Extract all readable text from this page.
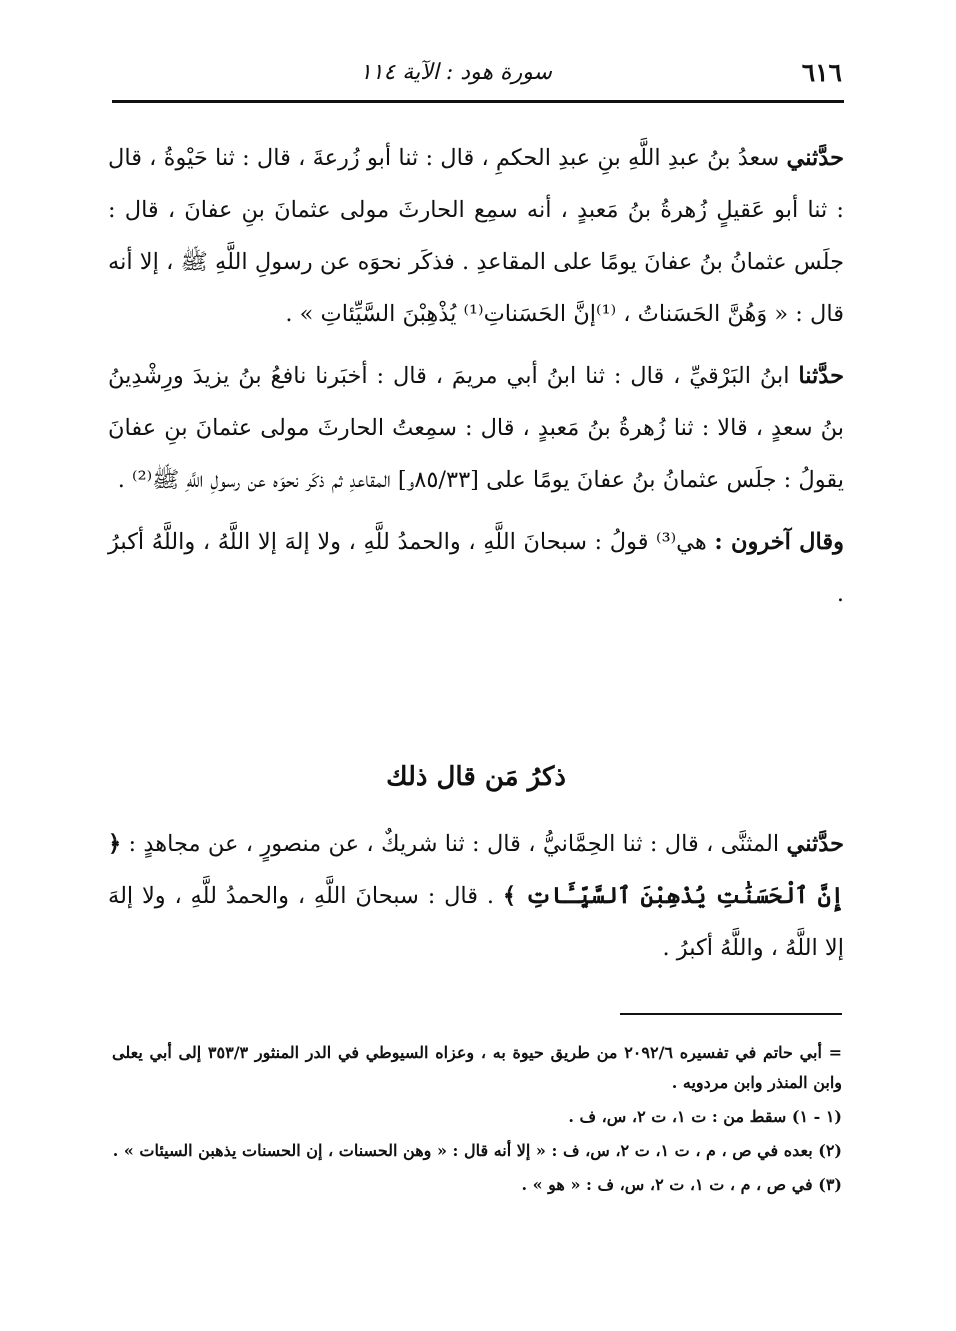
٦١٦
سورة هود : الآية ١١٤

حدَّثني سعدُ بنُ عبدِ اللَّهِ بنِ عبدِ الحكمِ ، قال : ثنا أبو زُرعةَ ، قال : ثنا حَيْوةُ ، قال : ثنا أبو عَقيلٍ زُهرةُ بنُ مَعبدٍ ، أنه سمِع الحارثَ مولى عثمانَ بنِ عفانَ ، قال : جلَس عثمانُ بنُ عفانَ يومًا على المقاعدِ . فذكَر نحوَه عن رسولِ اللَّهِ ﷺ ، إلا أنه قال : « وَهُنَّ الحَسَناتُ ، ⁽¹⁾إنَّ الحَسَناتِ⁽¹⁾ يُذْهِبْنَ السَّيِّئاتِ » .

حدَّثنا ابنُ البَرْقيِّ ، قال : ثنا ابنُ أبي مريمَ ، قال : أخبَرنا نافعُ بنُ يزيدَ ورِشْدِينُ بنُ سعدٍ ، قالا : ثنا زُهرةُ بنُ مَعبدٍ ، قال : سمِعتُ الحارثَ مولى عثمانَ بنِ عفانَ يقولُ : جلَس عثمانُ بنُ عفانَ يومًا على [٨٥/٣٣و] المقاعدِ ثم ذكَر نحوَه عن رسولِ اللَّهِ ﷺ⁽²⁾ .

وقال آخرون : هي⁽³⁾ قولُ : سبحانَ اللَّهِ ، والحمدُ للَّهِ ، ولا إلهَ إلا اللَّهُ ، واللَّهُ أكبرُ .

ذكرُ مَن قال ذلك

حدَّثني المثنَّى ، قال : ثنا الحِمَّانيُّ ، قال : ثنا شريكٌ ، عن منصورٍ ، عن مجاهدٍ : ﴿ إِنَّ ٱلْحَسَنَٰتِ يُذْهِبْنَ ٱلسَّيِّـَٔاتِ ﴾ . قال : سبحانَ اللَّهِ ، والحمدُ للَّهِ ، ولا إلهَ إلا اللَّهُ ، واللَّهُ أكبرُ .

= أبي حاتم في تفسيره ٢٠٩٢/٦ من طريق حيوة به ، وعزاه السيوطي في الدر المنثور ٣٥٣/٣ إلى أبي يعلى وابن المنذر وابن مردويه .

(١ - ١) سقط من : ت ١، ت ٢، س، ف .

(٢) بعده في ص ، م ، ت ١، ت ٢، س، ف : « إلا أنه قال : « وهن الحسنات ، إن الحسنات يذهبن السيئات » .

(٣) في ص ، م ، ت ١، ت ٢، س، ف : « هو » .
